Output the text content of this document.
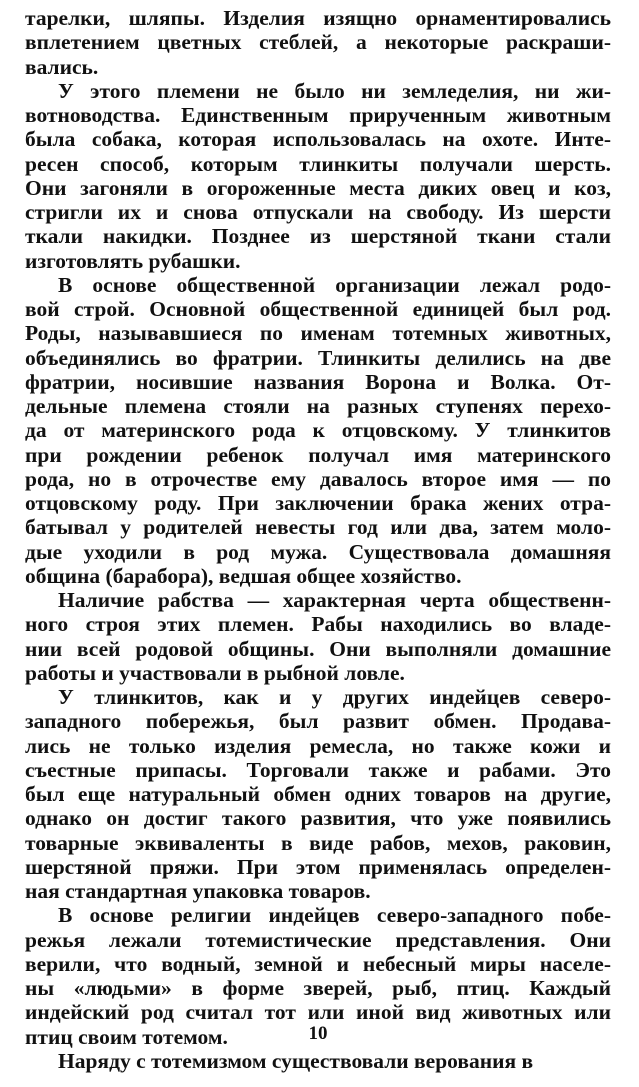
тарелки, шляпы. Изделия изящно орнаментировались
вплетением цветных стеблей, а некоторые раскраши-
вались.
У этого племени не было ни земледелия, ни жи-
вотноводства. Единственным прирученным животным
была собака, которая использовалась на охоте. Инте-
ресен способ, которым тлинкиты получали шерсть.
Они загоняли в огороженные места диких овец и коз,
стригли их и снова отпускали на свободу. Из шерсти
ткали накидки. Позднее из шерстяной ткани стали
изготовлять рубашки.
В основе общественной организации лежал родо-
вой строй. Основной общественной единицей был род.
Роды, называвшиеся по именам тотемных животных,
объединялись во фратрии. Тлинкиты делились на две
фратрии, носившие названия Ворона и Волка. От-
дельные племена стояли на разных ступенях перехо-
да от материнского рода к отцовскому. У тлинкитов
при рождении ребенок получал имя материнского
рода, но в отрочестве ему давалось второе имя — по
отцовскому роду. При заключении брака жених отра-
батывал у родителей невесты год или два, затем моло-
дые уходили в род мужа. Существовала домашняя
община (барабора), ведшая общее хозяйство.
Наличие рабства — характерная черта общественн-
ного строя этих племен. Рабы находились во владе-
нии всей родовой общины. Они выполняли домашние
работы и участвовали в рыбной ловле.
У тлинкитов, как и у других индейцев северо-
западного побережья, был развит обмен. Продава-
лись не только изделия ремесла, но также кожи и
съестные припасы. Торговали также и рабами. Это
был еще натуральный обмен одних товаров на другие,
однако он достиг такого развития, что уже появились
товарные эквиваленты в виде рабов, мехов, раковин,
шерстяной пряжи. При этом применялась определен-
ная стандартная упаковка товаров.
В основе религии индейцев северо-западного побе-
режья лежали тотемистические представления. Они
верили, что водный, земной и небесный миры населе-
ны «людьми» в форме зверей, рыб, птиц. Каждый
индейский род считал тот или иной вид животных или
птиц своим тотемом.
Наряду с тотемизмом существовали верования в
10
